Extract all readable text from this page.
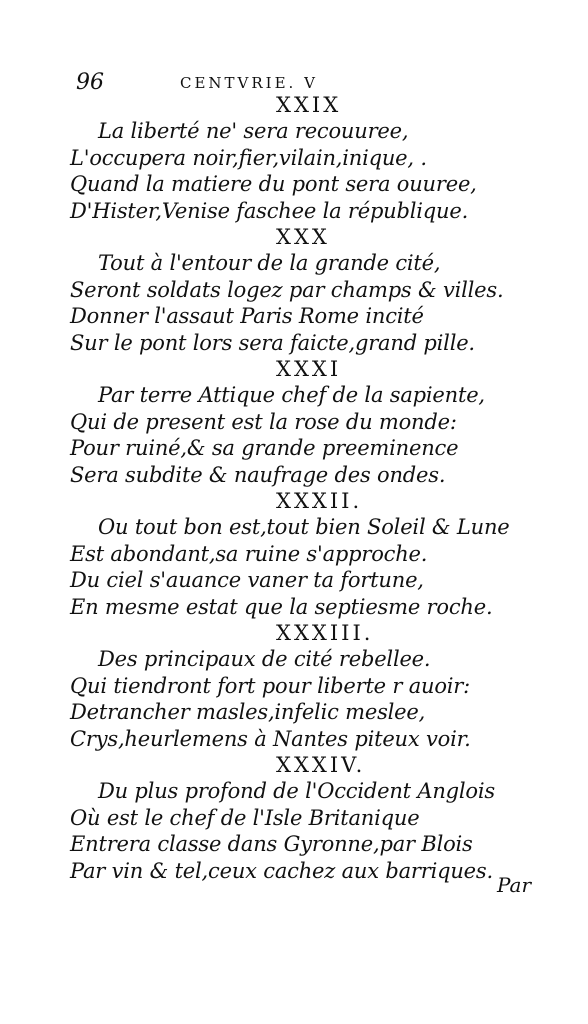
96	CENTVRIE. V
XXIX
La liberté ne' sera recouuree,
L'occupera noir,fier,vilain,inique, .
Quand la matiere du pont sera ouuree,
D'Hister,Venise faschee la république.
XXX
Tout à l'entour de la grande cité,
Seront soldats logez par champs & villes.
Donner l'assaut Paris Rome incité
Sur le pont lors sera faicte,grand pille.
XXXI
Par terre Attique chef de la sapiente,
Qui de present est la rose du monde:
Pour ruiné,& sa grande preeminence
Sera subdite & naufrage des ondes.
XXXII.
Ou tout bon est,tout bien Soleil & Lune
Est abondant,sa ruine s'approche.
Du ciel s'auance vaner ta fortune,
En mesme estat que la septiesme roche.
XXXIII.
Des principaux de cité rebellee.
Qui tiendront fort pour liberte r auoir:
Detrancher masles,infelic meslee,
Crys,heurlemens à Nantes piteux voir.
XXXIV.
Du plus profond de l'Occident Anglois
Où est le chef de l'Isle Britanique
Entrera classe dans Gyronne,par Blois
Par vin & tel,ceux cachez aux barriques.
Par
